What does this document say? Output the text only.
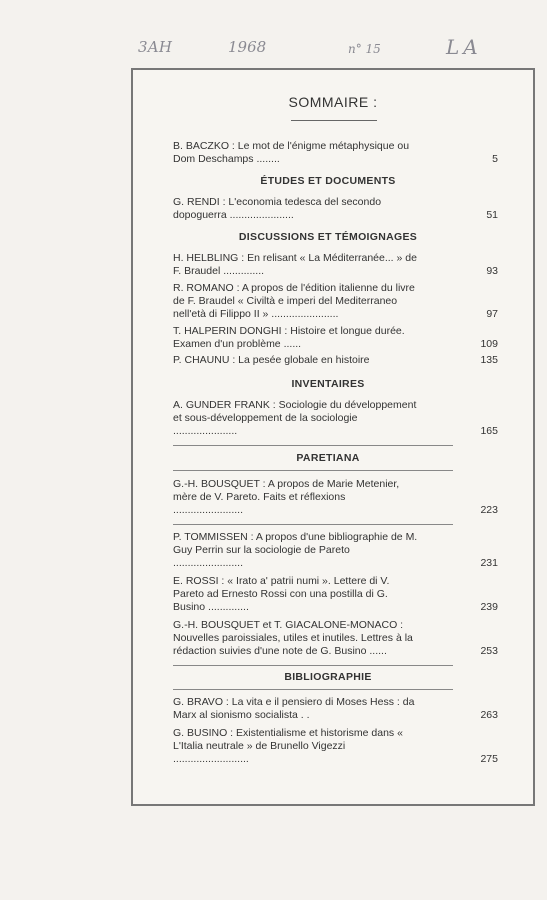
3АН	1968	n° 15	LA
SOMMAIRE :
B. BACZKO : Le mot de l'énigme métaphysique ou Dom Deschamps ........	5
ÉTUDES ET DOCUMENTS
G. RENDI : L'economia tedesca del secondo dopoguerra ......................	51
DISCUSSIONS ET TÉMOIGNAGES
H. HELBLING : En relisant « La Méditerranée... » de F. Braudel ..............	93
R. ROMANO : A propos de l'édition italienne du livre de F. Braudel « Civiltà e imperi del Mediterraneo nell'età di Filippo II » .......................	97
T. HALPERIN DONGHI : Histoire et longue durée. Examen d'un problème ......	109
P. CHAUNU : La pesée globale en histoire	135
INVENTAIRES
A. GUNDER FRANK : Sociologie du développement et sous-développement de la sociologie ......................	165
PARETIANA
G.-H. BOUSQUET : A propos de Marie Metenier, mère de V. Pareto. Faits et réflexions ........................	223
P. TOMMISSEN : A propos d'une bibliographie de M. Guy Perrin sur la sociologie de Pareto ........................	231
E. ROSSI : « Irato a' patrii numi ». Lettere di V. Pareto ad Ernesto Rossi con una postilla di G. Busino ..............	239
G.-H. BOUSQUET et T. GIACALONE-MONACO : Nouvelles paroissiales, utiles et inutiles. Lettres à la rédaction suivies d'une note de G. Busino ......	253
BIBLIOGRAPHIE
G. BRAVO : La vita e il pensiero di Moses Hess : da Marx al sionismo socialista . .	263
G. BUSINO : Existentialisme et historisme dans « L'Italia neutrale » de Brunello Vigezzi ..........................	275
